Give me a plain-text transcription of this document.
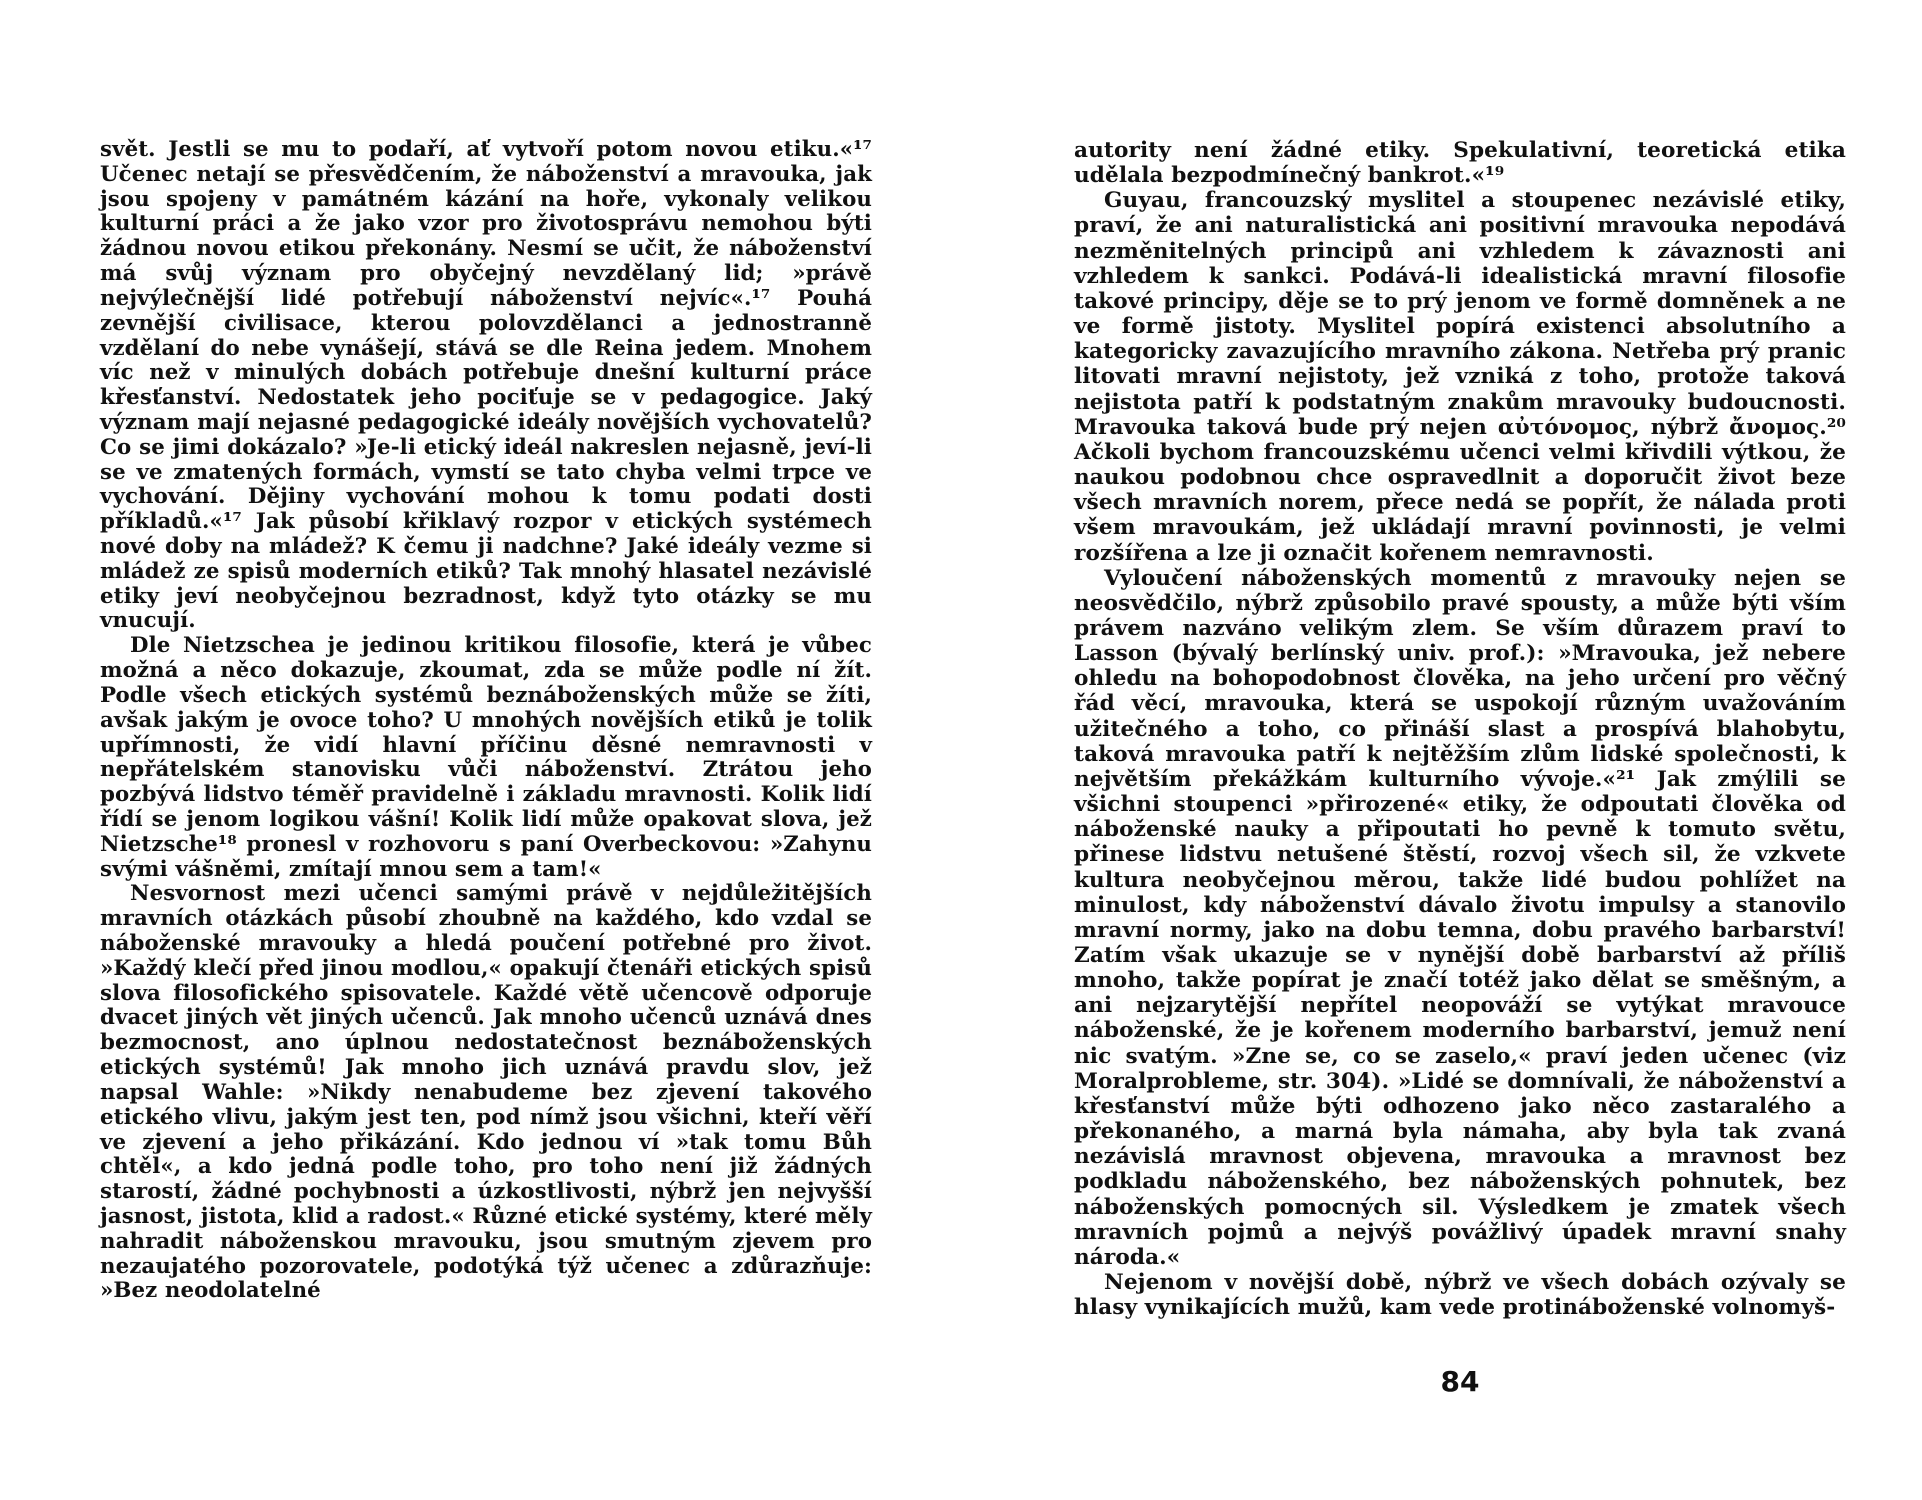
svět. Jestli se mu to podaří, ať vytvoří potom novou etiku.«¹⁷ Učenec netají se přesvědčením, že náboženství a mravouka, jak jsou spojeny v památném kázání na hoře, vykonaly velikou kulturní práci a že jako vzor pro životosprávu nemohou býti žádnou novou etikou překonány. Nesmí se učit, že náboženství má svůj význam pro obyčejný nevzdělaný lid; »právě nejvýlečnější lidé potřebují náboženství nejvíc«.¹⁷ Pouhá zevnější civilisace, kterou polovzdělanci a jednostranně vzdělaní do nebe vynášejí, stává se dle Reina jedem. Mnohem víc než v minulých dobách potřebuje dnešní kulturní práce křesťanství. Nedostatek jeho pociťuje se v pedagogice. Jaký význam mají nejasné pedagogické ideály novějších vychovatelů? Co se jimi dokázalo? »Je-li etický ideál nakreslen nejasně, jeví-li se ve zmatených formách, vymstí se tato chyba velmi trpce ve vychování. Dějiny vychování mohou k tomu podati dosti příkladů.«¹⁷ Jak působí křiklavý rozpor v etických systémech nové doby na mládež? K čemu ji nadchne? Jaké ideály vezme si mládež ze spisů moderních etiků? Tak mnohý hlasatel nezávislé etiky jeví neobyčejnou bezradnost, když tyto otázky se mu vnucují.

Dle Nietzschea je jedinou kritikou filosofie, která je vůbec možná a něco dokazuje, zkoumat, zda se může podle ní žít. Podle všech etických systémů beznáboženských může se žíti, avšak jakým je ovoce toho? U mnohých novějších etiků je tolik upřímnosti, že vidí hlavní příčinu děsné nemravnosti v nepřátelském stanovisku vůči náboženství. Ztrátou jeho pozbývá lidstvo téměř pravidelně i základu mravnosti. Kolik lidí řídí se jenom logikou vášní! Kolik lidí může opakovat slova, jež Nietzsche¹⁸ pronesl v rozhovoru s paní Overbeckovou: »Zahynu svými vášněmi, zmítají mnou sem a tam!«

Nesvornost mezi učenci samými právě v nejdůležitějších mravních otázkách působí zhoubně na každého, kdo vzdal se náboženské mravouky a hledá poučení potřebné pro život. »Každý klečí před jinou modlou,« opakují čtenáři etických spisů slova filosofického spisovatele. Každé větě učencově odporuje dvacet jiných vět jiných učenců. Jak mnoho učenců uznává dnes bezmocnost, ano úplnou nedostatečnost beznáboženských etických systémů! Jak mnoho jich uznává pravdu slov, jež napsal Wahle: »Nikdy nenabudeme bez zjevení takového etického vlivu, jakým jest ten, pod nímž jsou všichni, kteří věří ve zjevení a jeho přikázání. Kdo jednou ví »tak tomu Bůh chtěl«, a kdo jedná podle toho, pro toho není již žádných starostí, žádné pochybnosti a úzkostlivosti, nýbrž jen nejvyšší jasnost, jistota, klid a radost.« Různé etické systémy, které měly nahradit náboženskou mravouku, jsou smutným zjevem pro nezaujatého pozorovatele, podotýká týž učenec a zdůrazňuje: »Bez neodolatelné

autority není žádné etiky. Spekulativní, teoretická etika udělala bezpodmínečný bankrot.«¹⁹

Guyau, francouzský myslitel a stoupenec nezávislé etiky, praví, že ani naturalistická ani positivní mravouka nepodává nezměnitelných principů ani vzhledem k závaznosti ani vzhledem k sankci. Podává-li idealistická mravní filosofie takové principy, děje se to prý jenom ve formě domněnek a ne ve formě jistoty. Myslitel popírá existenci absolutního a kategoricky zavazujícího mravního zákona. Netřeba prý pranic litovati mravní nejistoty, jež vzniká z toho, protože taková nejistota patří k podstatným znakům mravouky budoucnosti. Mravouka taková bude prý nejen αὐτόνομος, nýbrž ἄνομος.²⁰ Ačkoli bychom francouzskému učenci velmi křivdili výtkou, že naukou podobnou chce ospravedlnit a doporučit život beze všech mravních norem, přece nedá se popřít, že nálada proti všem mravoukám, jež ukládají mravní povinnosti, je velmi rozšířena a lze ji označit kořenem nemravnosti.

Vyloučení náboženských momentů z mravouky nejen se neosvědčilo, nýbrž způsobilo pravé spousty, a může býti vším právem nazváno velikým zlem. Se vším důrazem praví to Lasson (bývalý berlínský univ. prof.): »Mravouka, jež nebere ohledu na bohopodobnost člověka, na jeho určení pro věčný řád věcí, mravouka, která se uspokojí různým uvažováním užitečného a toho, co přináší slast a prospívá blahobytu, taková mravouka patří k nejtěžším zlům lidské společnosti, k největším překážkám kulturního vývoje.«²¹ Jak zmýlili se všichni stoupenci »přirozené« etiky, že odpoutati člověka od náboženské nauky a připoutati ho pevně k tomuto světu, přinese lidstvu netušené štěstí, rozvoj všech sil, že vzkvete kultura neobyčejnou měrou, takže lidé budou pohlížet na minulost, kdy náboženství dávalo životu impulsy a stanovilo mravní normy, jako na dobu temna, dobu pravého barbarství! Zatím však ukazuje se v nynější době barbarství až příliš mnoho, takže popírat je značí totéž jako dělat se směšným, a ani nejzarytější nepřítel neopováží se vytýkat mravouce náboženské, že je kořenem moderního barbarství, jemuž není nic svatým. »Zne se, co se zaselo,« praví jeden učenec (viz Moralprobleme, str. 304). »Lidé se domnívali, že náboženství a křesťanství může býti odhozeno jako něco zastaralého a překonaného, a marná byla námaha, aby byla tak zvaná nezávislá mravnost objevena, mravouka a mravnost bez podkladu náboženského, bez náboženských pohnutek, bez náboženských pomocných sil. Výsledkem je zmatek všech mravních pojmů a nejvýš povážlivý úpadek mravní snahy národa.«

Nejenom v novější době, nýbrž ve všech dobách ozývaly se hlasy vynikajících mužů, kam vede protináboženské volnomyš-

84
